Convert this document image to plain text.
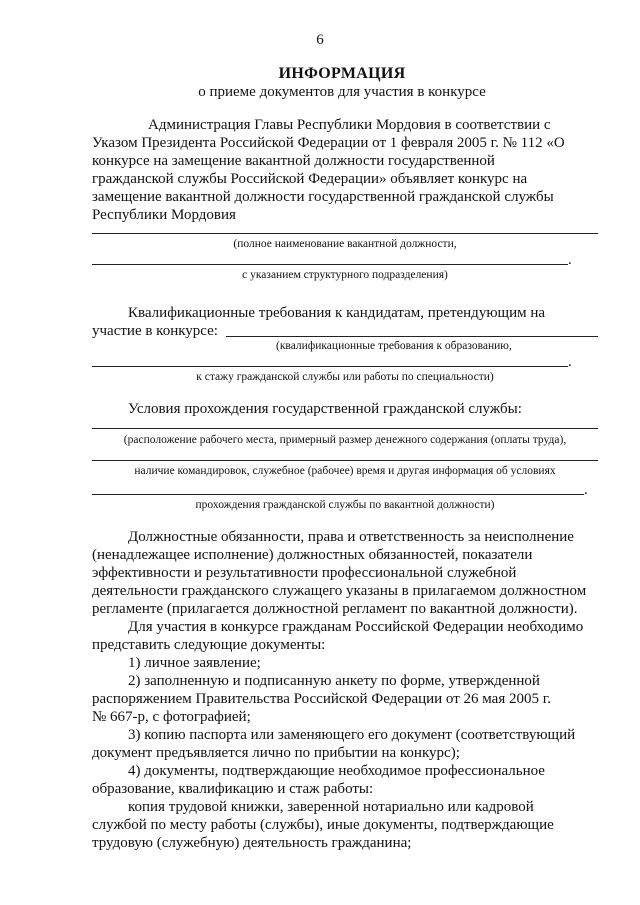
6
ИНФОРМАЦИЯ
о приеме документов для участия в конкурсе
Администрация Главы Республики Мордовия в соответствии с
Указом Президента Российской Федерации от 1 февраля 2005 г. № 112 «О
конкурсе на замещение вакантной должности государственной
гражданской службы Российской Федерации» объявляет конкурс на
замещение вакантной должности государственной гражданской службы
Республики Мордовия
(полное наименование вакантной должности,
.
с указанием структурного подразделения)
Квалификационные требования к кандидатам, претендующим на
участие в конкурсе:
(квалификационные требования к образованию,
.
к стажу гражданской службы или работы по специальности)
Условия прохождения государственной гражданской службы:
(расположение рабочего места, примерный размер денежного содержания (оплаты труда),
наличие командировок, служебное (рабочее) время и другая информация об условиях
.
прохождения гражданской службы по вакантной должности)
Должностные обязанности, права и ответственность за неисполнение
(ненадлежащее исполнение) должностных обязанностей, показатели
эффективности и результативности профессиональной служебной
деятельности гражданского служащего указаны в прилагаемом должностном
регламенте (прилагается должностной регламент по вакантной должности).
Для участия в конкурсе гражданам Российской Федерации необходимо
представить следующие документы:
1) личное заявление;
2) заполненную и подписанную анкету по форме, утвержденной
распоряжением Правительства Российской Федерации от 26 мая 2005 г.
№ 667-р, с фотографией;
3) копию паспорта или заменяющего его документ (соответствующий
документ предъявляется лично по прибытии на конкурс);
4) документы, подтверждающие необходимое профессиональное
образование, квалификацию и стаж работы:
копия трудовой книжки, заверенной нотариально или кадровой
службой по месту работы (службы), иные документы, подтверждающие
трудовую (служебную) деятельность гражданина;
